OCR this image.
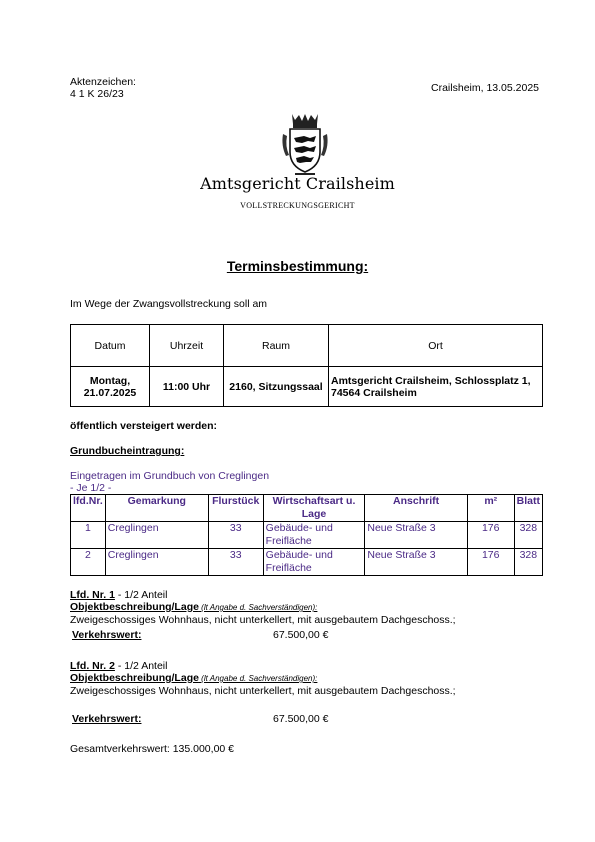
Aktenzeichen:
4 1 K 26/23	Crailsheim, 13.05.2025
Amtsgericht Crailsheim
VOLLSTRECKUNGSGERICHT
Terminsbestimmung:
Im Wege der Zwangsvollstreckung soll am
Datum	Uhrzeit	Raum	Ort

Montag,
21.07.2025	11:00 Uhr	2160, Sitzungssaal	Amtsgericht Crailsheim, Schlossplatz 1, 74564 Crailsheim
öffentlich versteigert werden:
Grundbucheintragung:
Eingetragen im Grundbuch von Creglingen
- Je 1/2 -
lfd.Nr.	Gemarkung	Flurstück	Wirtschaftsart u. Lage	Anschrift	m²	Blatt
1	Creglingen	33	Gebäude- und Freifläche	Neue Straße 3	176	328
2	Creglingen	33	Gebäude- und Freifläche	Neue Straße 3	176	328
Lfd. Nr. 1 - 1/2 Anteil
Objektbeschreibung/Lage (lt Angabe d. Sachverständigen):
Zweigeschossiges Wohnhaus, nicht unterkellert, mit ausgebautem Dachgeschoss.;
Verkehrswert:	67.500,00 €
Lfd. Nr. 2 - 1/2 Anteil
Objektbeschreibung/Lage (lt Angabe d. Sachverständigen):
Zweigeschossiges Wohnhaus, nicht unterkellert, mit ausgebautem Dachgeschoss.;
Verkehrswert:	67.500,00 €
Gesamtverkehrswert: 135.000,00 €
